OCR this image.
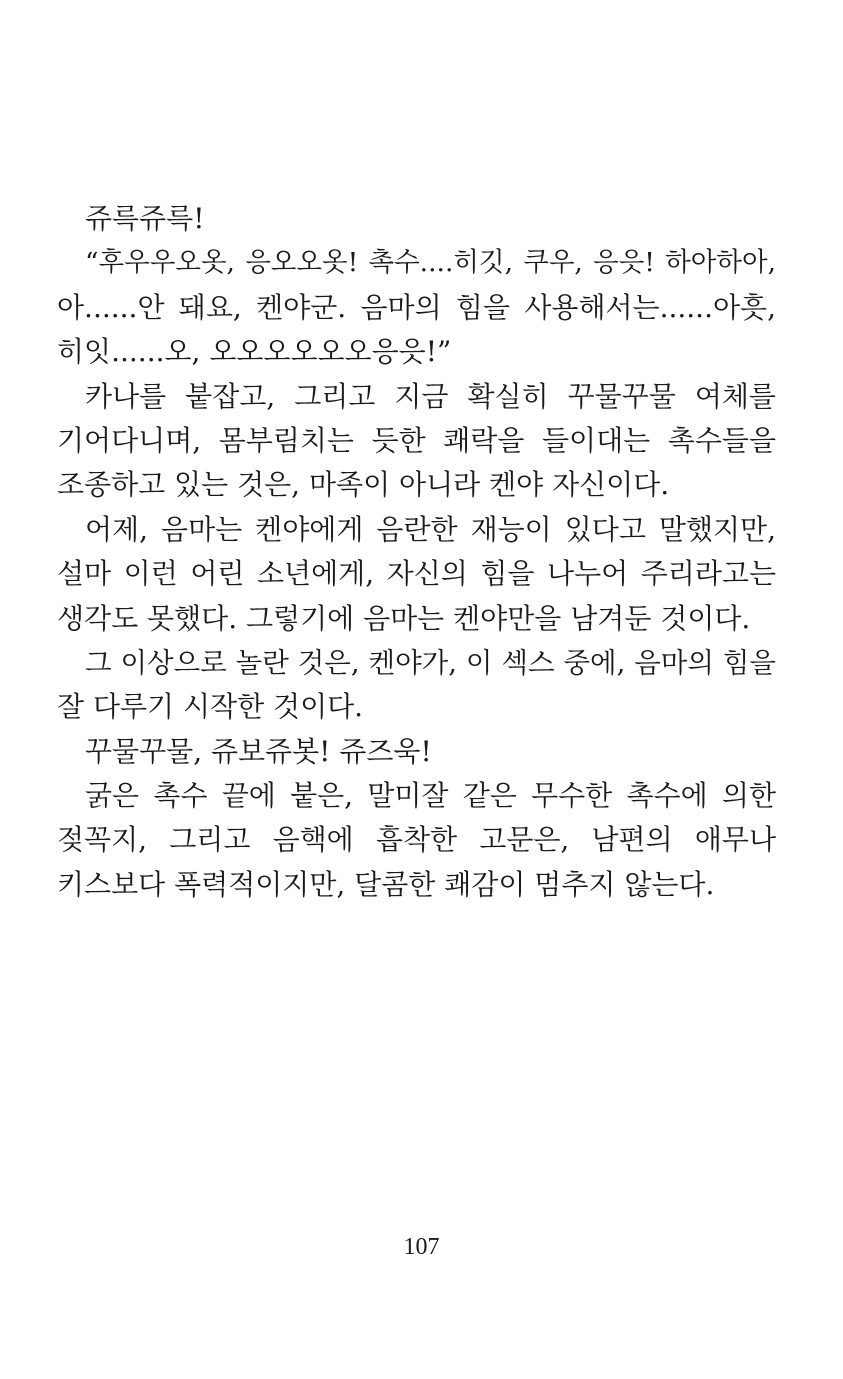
쥬륵쥬륵!
“후우우오옷, 응오오옷! 촉수....히깃, 쿠우, 응읏! 하아하아,
아......안 돼요, 켄야군. 음마의 힘을 사용해서는......아흣,
히잇......오, 오오오오오오응읏!”
카나를 붙잡고, 그리고 지금 확실히 꾸물꾸물 여체를
기어다니며, 몸부림치는 듯한 쾌락을 들이대는 촉수들을
조종하고 있는 것은, 마족이 아니라 켄야 자신이다.
어제, 음마는 켄야에게 음란한 재능이 있다고 말했지만,
설마 이런 어린 소년에게, 자신의 힘을 나누어 주리라고는
생각도 못했다. 그렇기에 음마는 켄야만을 남겨둔 것이다.
그 이상으로 놀란 것은, 켄야가, 이 섹스 중에, 음마의 힘을
잘 다루기 시작한 것이다.
꾸물꾸물, 쥬보쥬봇! 쥬즈욱!
굵은 촉수 끝에 붙은, 말미잘 같은 무수한 촉수에 의한
젖꼭지, 그리고 음핵에 흡착한 고문은, 남편의 애무나
키스보다 폭력적이지만, 달콤한 쾌감이 멈추지 않는다.
107
